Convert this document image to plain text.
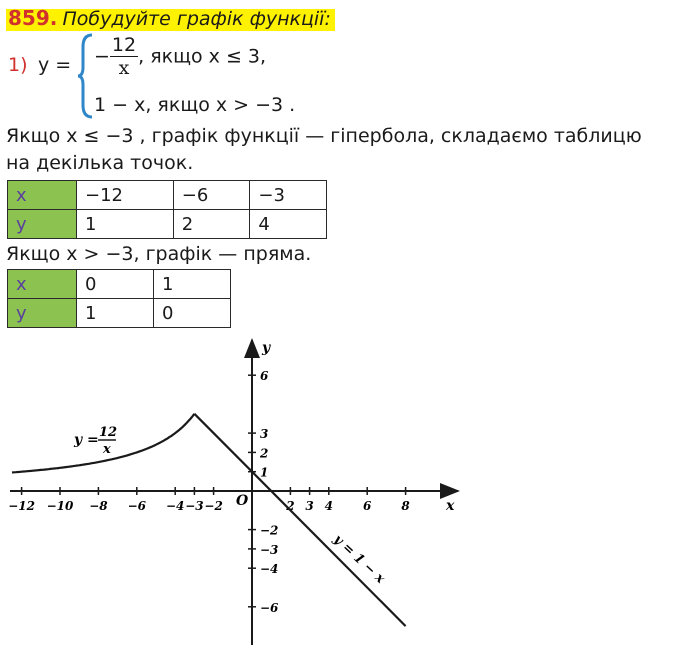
859. Побудуйте графік функції:
1) y = − $\frac{12}{x}$ , якщо x ≤ 3,
1 − x, якщо x > −3 .
Якщо x ≤ −3 , графік функції — гіпербола, складаємо таблицю
на декілька точок.
x	−12	−6	−3
y	1	2	4
Якщо x > −3, графік — пряма.
x	0	1
y	1	0
−12 −10 −8 −6 −4 −3 −2	2 3 4	6	8
6
3
2
1
−2
−3
−4
−6
x
y
O
y = 12
x
y = 1 − x
